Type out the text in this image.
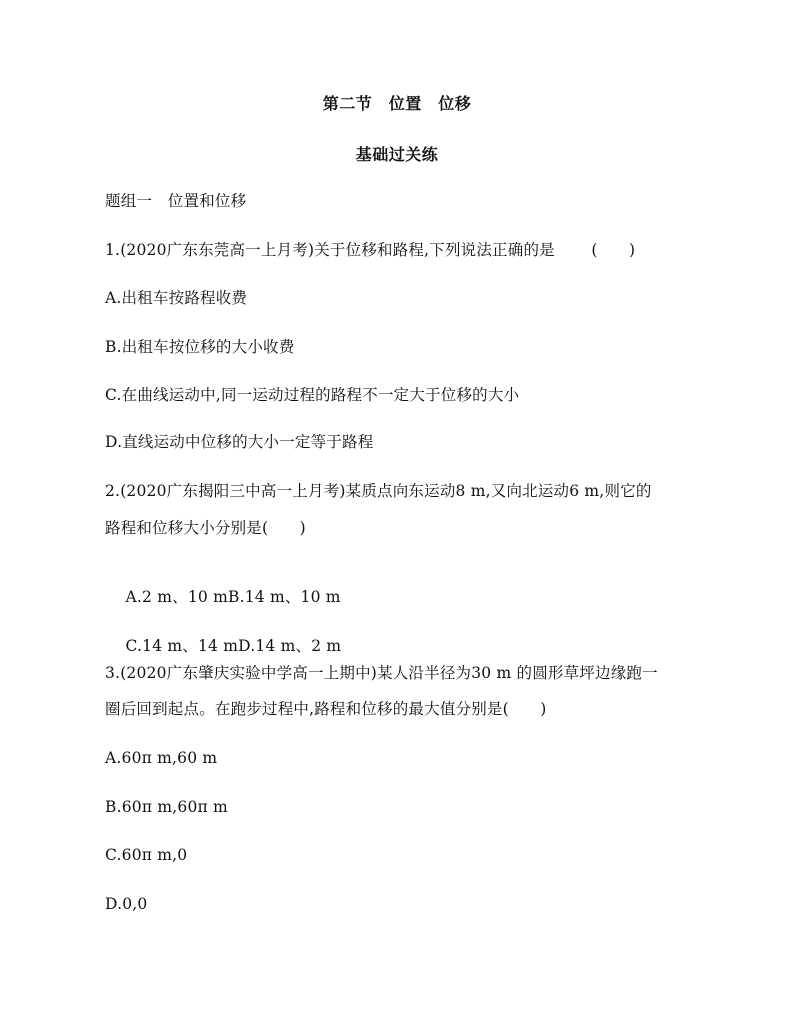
第二节　位置　位移
基础过关练
题组一　位置和位移
1.(2020广东东莞高一上月考)关于位移和路程,下列说法正确的是 　　(　　)
A.出租车按路程收费
B.出租车按位移的大小收费
C.在曲线运动中,同一运动过程的路程不一定大于位移的大小
D.直线运动中位移的大小一定等于路程
2.(2020广东揭阳三中高一上月考)某质点向东运动8 m,又向北运动6 m,则它的
路程和位移大小分别是(　　)

A.2 m、10 mB.14 m、10 m

C.14 m、14 mD.14 m、2 m

3.(2020广东肇庆实验中学高一上期中)某人沿半径为30 m 的圆形草坪边缘跑一
圈后回到起点。在跑步过程中,路程和位移的最大值分别是(　　)
A.60π m,60 m
B.60π m,60π m
C.60π m,0
D.0,0
